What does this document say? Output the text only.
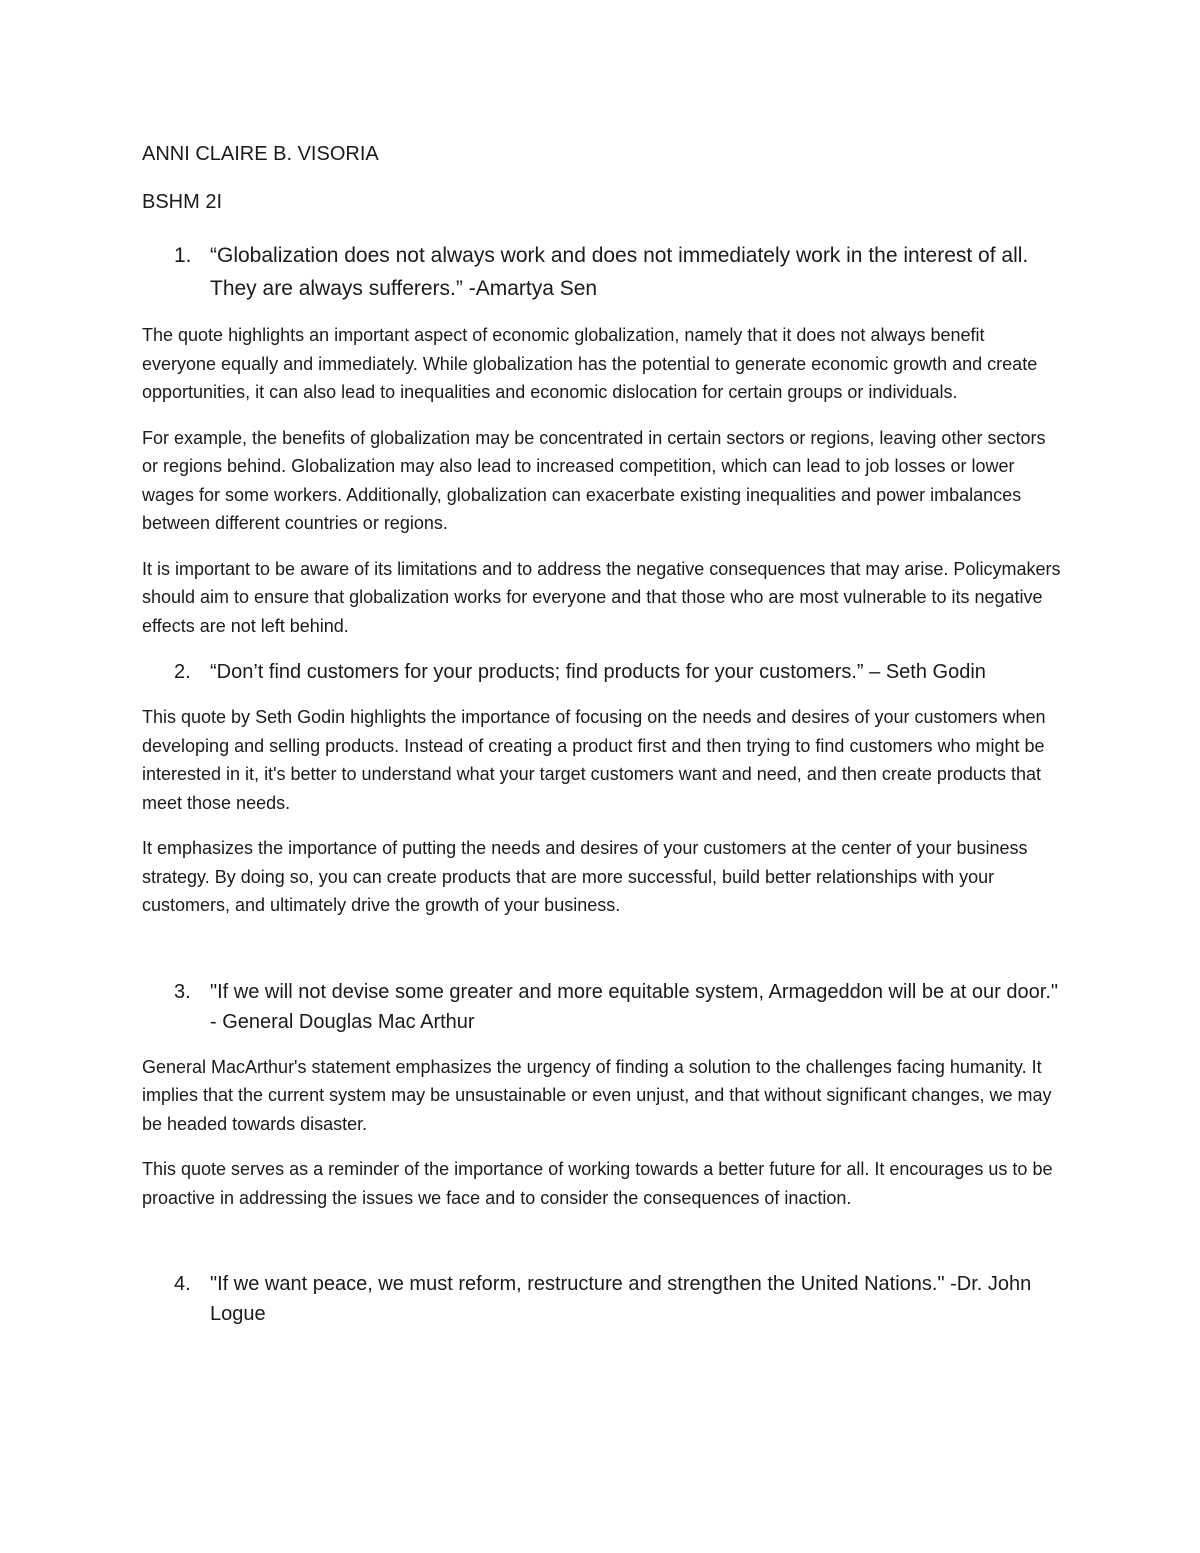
ANNI CLAIRE B. VISORIA

BSHM 2I

1. “Globalization does not always work and does not immediately work in the interest of all. They are always sufferers.” -Amartya Sen

The quote highlights an important aspect of economic globalization, namely that it does not always benefit everyone equally and immediately. While globalization has the potential to generate economic growth and create opportunities, it can also lead to inequalities and economic dislocation for certain groups or individuals.

For example, the benefits of globalization may be concentrated in certain sectors or regions, leaving other sectors or regions behind. Globalization may also lead to increased competition, which can lead to job losses or lower wages for some workers. Additionally, globalization can exacerbate existing inequalities and power imbalances between different countries or regions.

It is important to be aware of its limitations and to address the negative consequences that may arise. Policymakers should aim to ensure that globalization works for everyone and that those who are most vulnerable to its negative effects are not left behind.

2. “Don’t find customers for your products; find products for your customers.” – Seth Godin

This quote by Seth Godin highlights the importance of focusing on the needs and desires of your customers when developing and selling products. Instead of creating a product first and then trying to find customers who might be interested in it, it's better to understand what your target customers want and need, and then create products that meet those needs.

It emphasizes the importance of putting the needs and desires of your customers at the center of your business strategy. By doing so, you can create products that are more successful, build better relationships with your customers, and ultimately drive the growth of your business.

3. "If we will not devise some greater and more equitable system, Armageddon will be at our door." - General Douglas Mac Arthur

General MacArthur's statement emphasizes the urgency of finding a solution to the challenges facing humanity. It implies that the current system may be unsustainable or even unjust, and that without significant changes, we may be headed towards disaster.

This quote serves as a reminder of the importance of working towards a better future for all. It encourages us to be proactive in addressing the issues we face and to consider the consequences of inaction.

4. "If we want peace, we must reform, restructure and strengthen the United Nations." -Dr. John Logue
